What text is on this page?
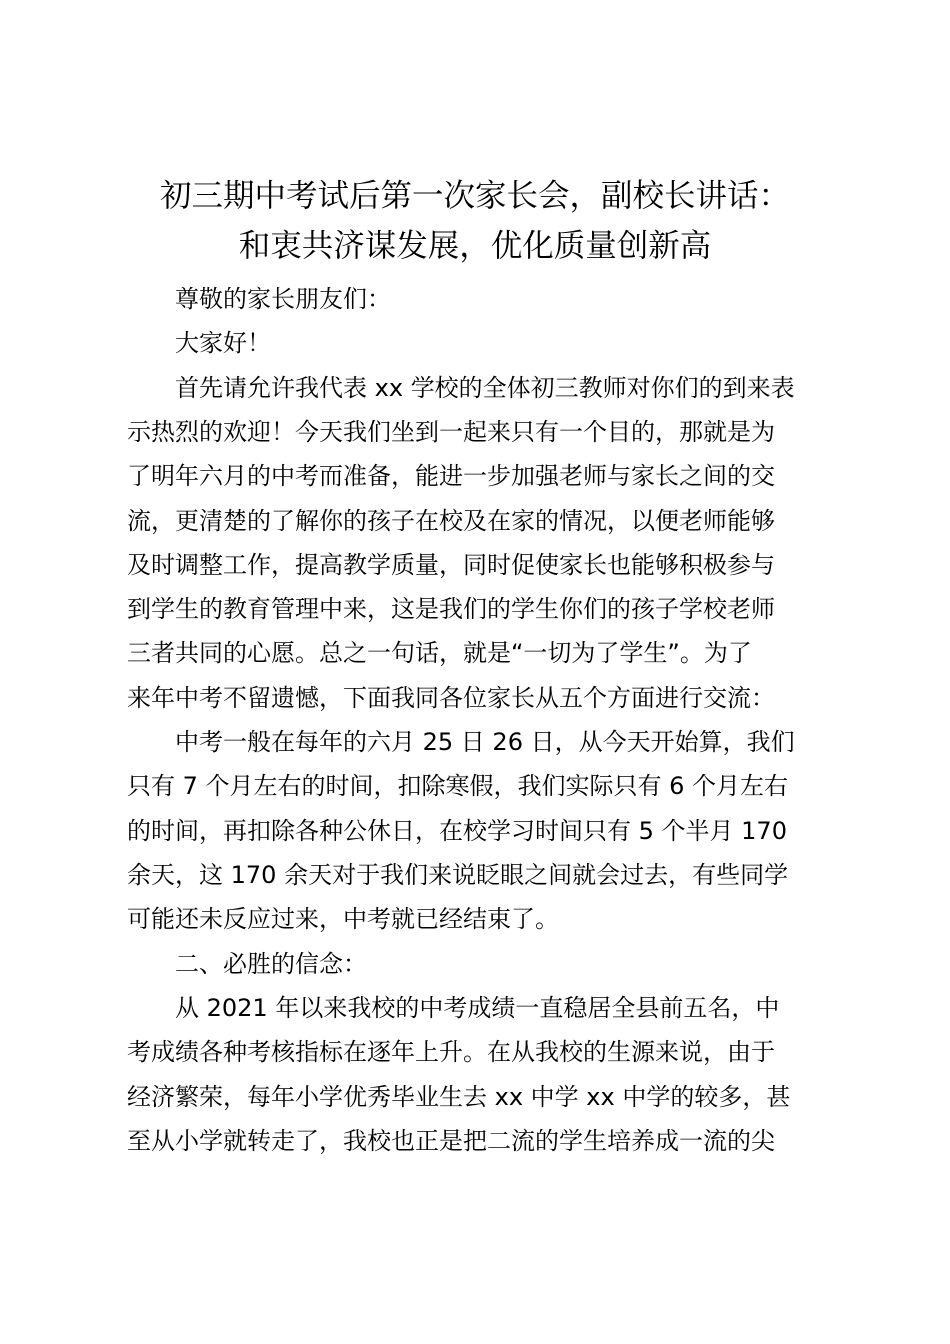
初三期中考试后第一次家长会，副校长讲话：
和衷共济谋发展，优化质量创新高

尊敬的家长朋友们：

大家好！

首先请允许我代表 xx 学校的全体初三教师对你们的到来表

示热烈的欢迎！今天我们坐到一起来只有一个目的，那就是为

了明年六月的中考而准备，能进一步加强老师与家长之间的交

流，更清楚的了解你的孩子在校及在家的情况，以便老师能够

及时调整工作，提高教学质量，同时促使家长也能够积极参与

到学生的教育管理中来，这是我们的学生你们的孩子学校老师

三者共同的心愿。总之一句话，就是“一切为了学生”。为了

来年中考不留遗憾，下面我同各位家长从五个方面进行交流：

中考一般在每年的六月 25 日 26 日，从今天开始算，我们

只有 7 个月左右的时间，扣除寒假，我们实际只有 6 个月左右

的时间，再扣除各种公休日，在校学习时间只有 5 个半月 170

余天，这 170 余天对于我们来说眨眼之间就会过去，有些同学

可能还未反应过来，中考就已经结束了。

二、必胜的信念：

从 2021 年以来我校的中考成绩一直稳居全县前五名，中

考成绩各种考核指标在逐年上升。在从我校的生源来说，由于

经济繁荣，每年小学优秀毕业生去 xx 中学 xx 中学的较多，甚

至从小学就转走了，我校也正是把二流的学生培养成一流的尖
